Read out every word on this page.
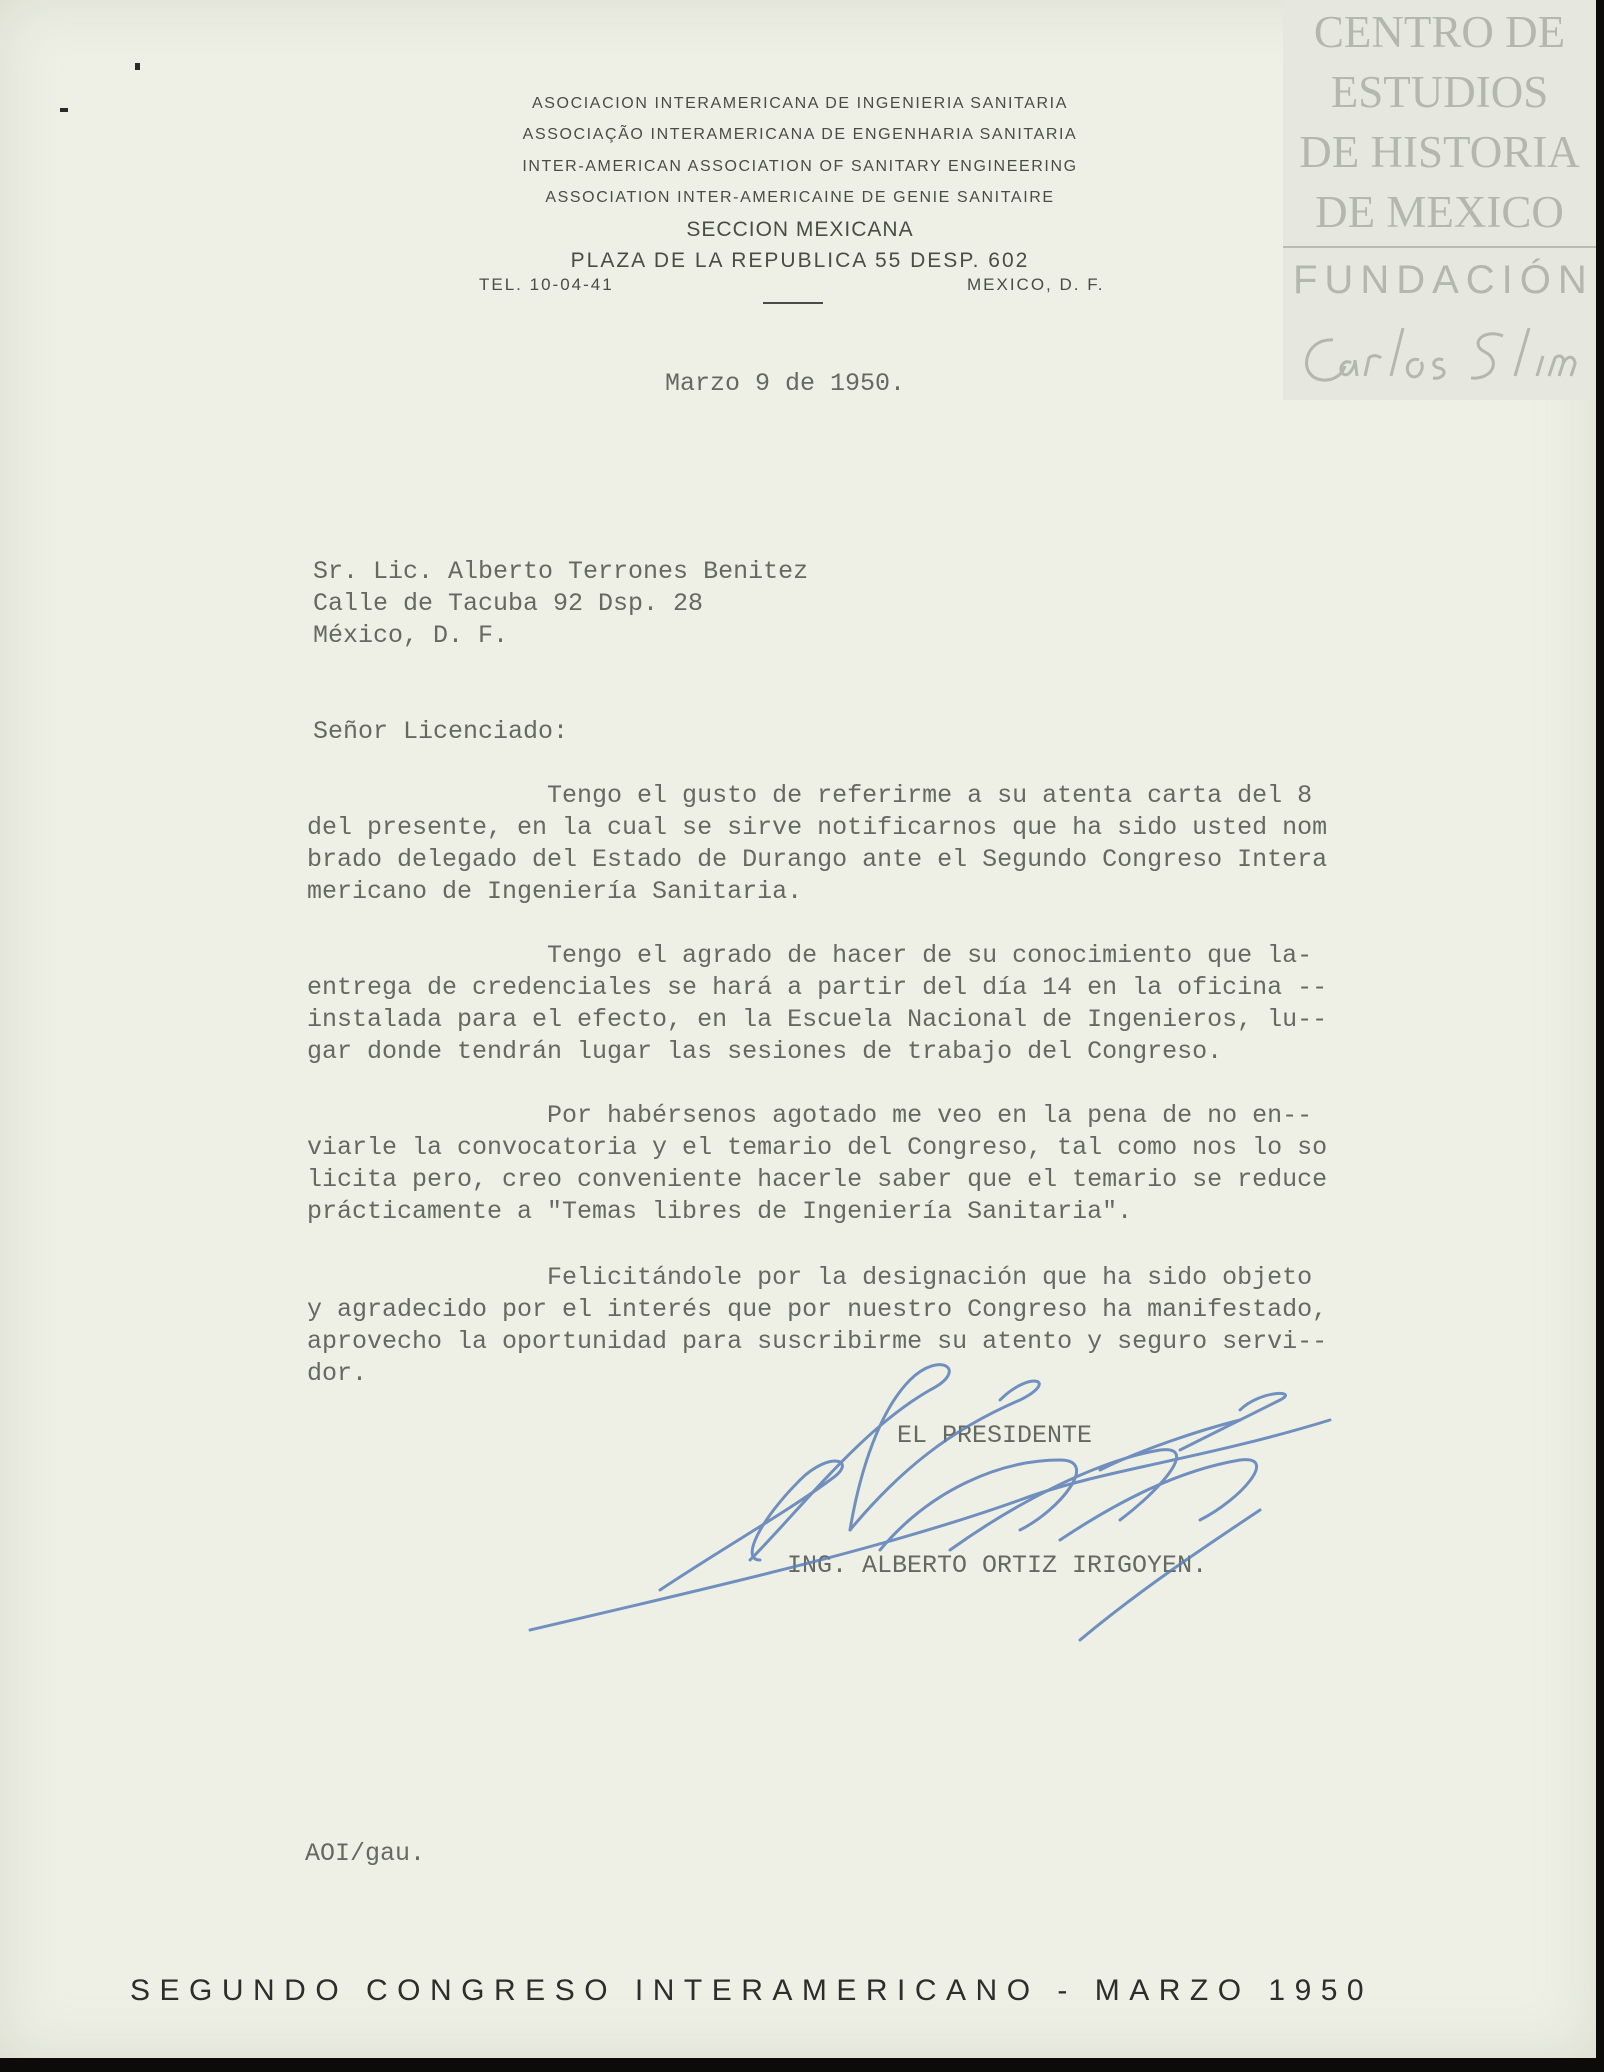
CENTRO DE
ESTUDIOS
DE HISTORIA
DE MEXICO
FUNDACIÓN
ASOCIACION INTERAMERICANA DE INGENIERIA SANITARIA
ASSOCIAÇÃO INTERAMERICANA DE ENGENHARIA SANITARIA
INTER-AMERICAN ASSOCIATION OF SANITARY ENGINEERING
ASSOCIATION INTER-AMERICAINE DE GENIE SANITAIRE
SECCION MEXICANA
PLAZA DE LA REPUBLICA 55 DESP. 602
TEL. 10-04-41	MEXICO, D. F.
Marzo 9 de 1950.
Sr. Lic. Alberto Terrones Benitez
Calle de Tacuba 92 Dsp. 28
México, D. F.
Señor Licenciado:
Tengo el gusto de referirme a su atenta carta del 8
del presente, en la cual se sirve notificarnos que ha sido usted nom
brado delegado del Estado de Durango ante el Segundo Congreso Intera
mericano de Ingeniería Sanitaria.
Tengo el agrado de hacer de su conocimiento que la-
entrega de credenciales se hará a partir del día 14 en la oficina --
instalada para el efecto, en la Escuela Nacional de Ingenieros, lu--
gar donde tendrán lugar las sesiones de trabajo del Congreso.
Por habérsenos agotado me veo en la pena de no en--
viarle la convocatoria y el temario del Congreso, tal como nos lo so
licita pero, creo conveniente hacerle saber que el temario se reduce
prácticamente a "Temas libres de Ingeniería Sanitaria".
Felicitándole por la designación que ha sido objeto
y agradecido por el interés que por nuestro Congreso ha manifestado,
aprovecho la oportunidad para suscribirme su atento y seguro servi--
dor.
EL PRESIDENTE
ING. ALBERTO ORTIZ IRIGOYEN.
AOI/gau.
SEGUNDO CONGRESO INTERAMERICANO - MARZO 1950
